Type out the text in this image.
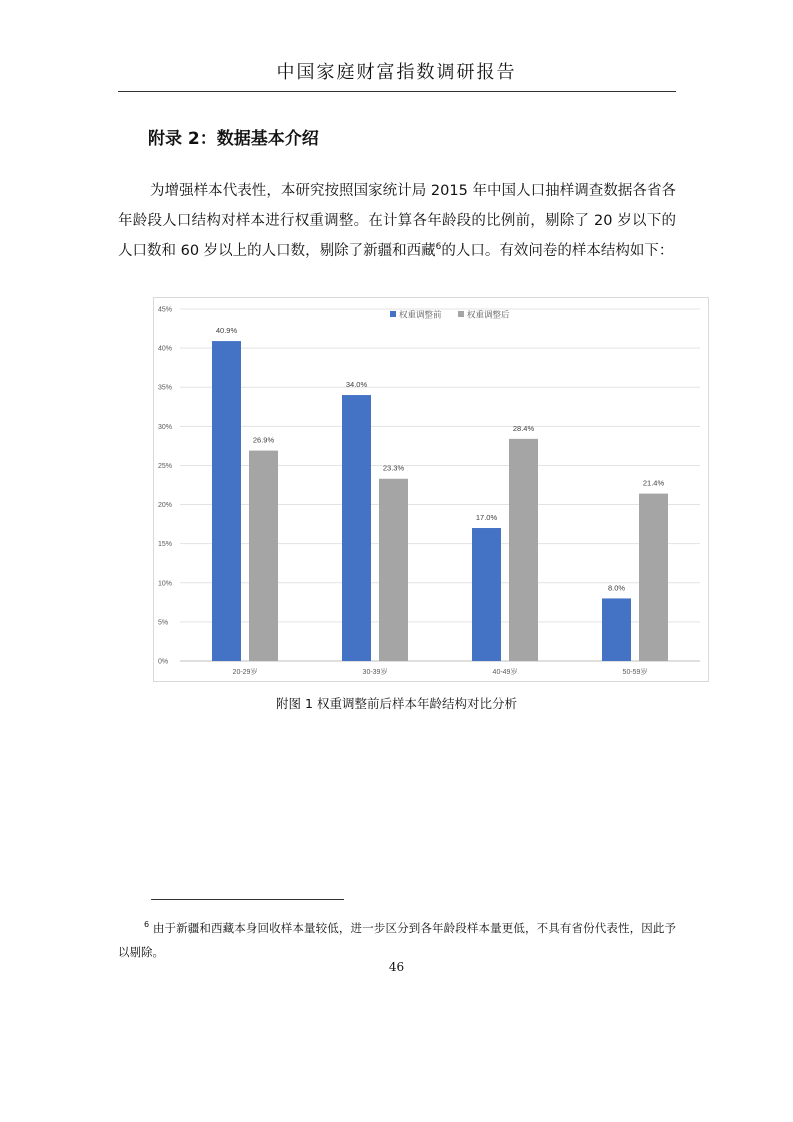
中国家庭财富指数调研报告
附录 2：数据基本介绍
为增强样本代表性，本研究按照国家统计局 2015 年中国人口抽样调查数据各省各年龄段人口结构对样本进行权重调整。在计算各年龄段的比例前，剔除了 20 岁以下的人口数和 60 岁以上的人口数，剔除了新疆和西藏$^6$的人口。有效问卷的样本结构如下：
0%
5%
10%
15%
20%
25%
30%
35%
40%
45%
40.9%
26.9%
34.0%
23.3%
17.0%
28.4%
8.0%
21.4%
20-29岁	30-39岁	40-49岁	50-59岁
权重调整前	权重调整后
附图 1 权重调整前后样本年龄结构对比分析
$^6$ 由于新疆和西藏本身回收样本量较低，进一步区分到各年龄段样本量更低，不具有省份代表性，因此予以剔除。
46
